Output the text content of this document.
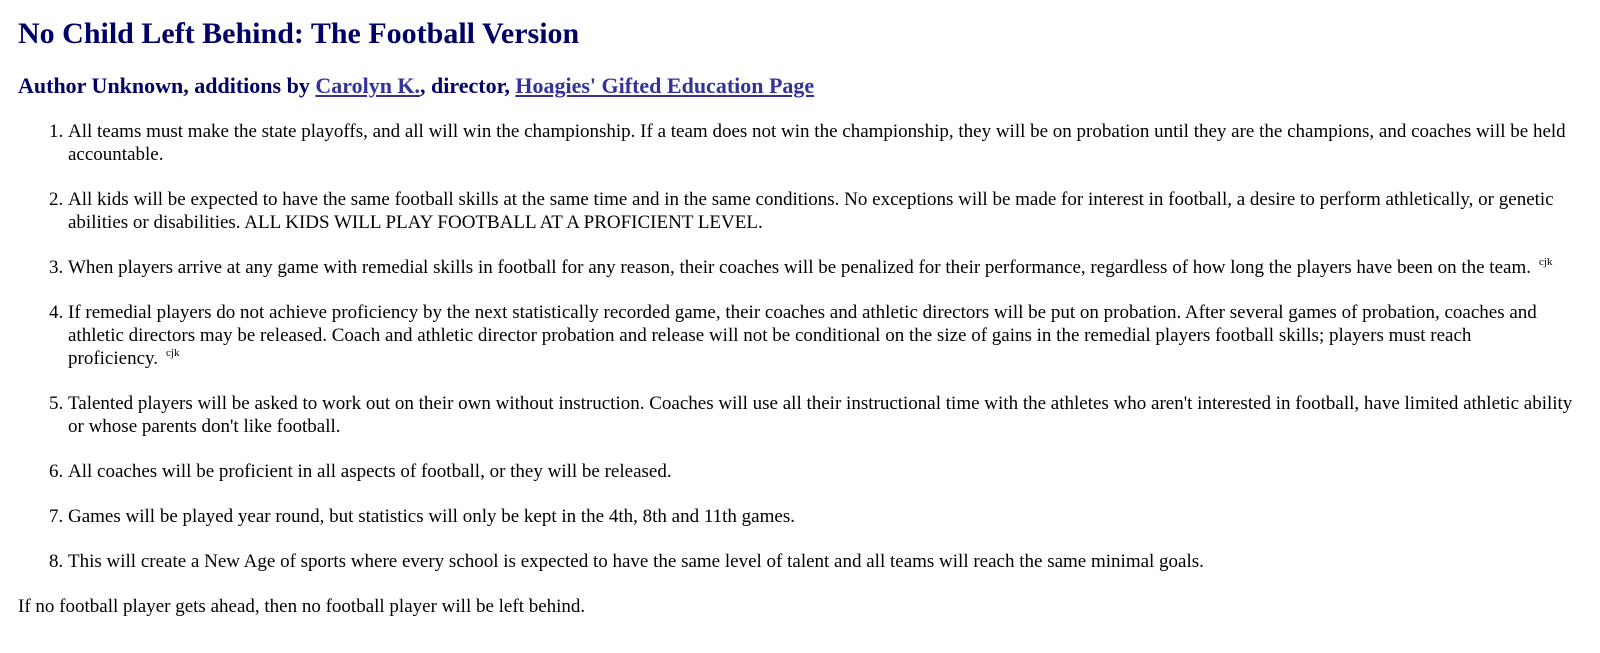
No Child Left Behind: The Football Version
Author Unknown, additions by Carolyn K., director, Hoagies' Gifted Education Page
1. All teams must make the state playoffs, and all will win the championship. If a team does not win the championship, they will be on probation until they are the champions, and coaches will be held accountable.
2. All kids will be expected to have the same football skills at the same time and in the same conditions. No exceptions will be made for interest in football, a desire to perform athletically, or genetic abilities or disabilities. ALL KIDS WILL PLAY FOOTBALL AT A PROFICIENT LEVEL.
3. When players arrive at any game with remedial skills in football for any reason, their coaches will be penalized for their performance, regardless of how long the players have been on the team. $^{cjk}$
4. If remedial players do not achieve proficiency by the next statistically recorded game, their coaches and athletic directors will be put on probation. After several games of probation, coaches and athletic directors may be released. Coach and athletic director probation and release will not be conditional on the size of gains in the remedial players football skills; players must reach proficiency. $^{cjk}$
5. Talented players will be asked to work out on their own without instruction. Coaches will use all their instructional time with the athletes who aren't interested in football, have limited athletic ability or whose parents don't like football.
6. All coaches will be proficient in all aspects of football, or they will be released.
7. Games will be played year round, but statistics will only be kept in the 4th, 8th and 11th games.
8. This will create a New Age of sports where every school is expected to have the same level of talent and all teams will reach the same minimal goals.

If no football player gets ahead, then no football player will be left behind.
